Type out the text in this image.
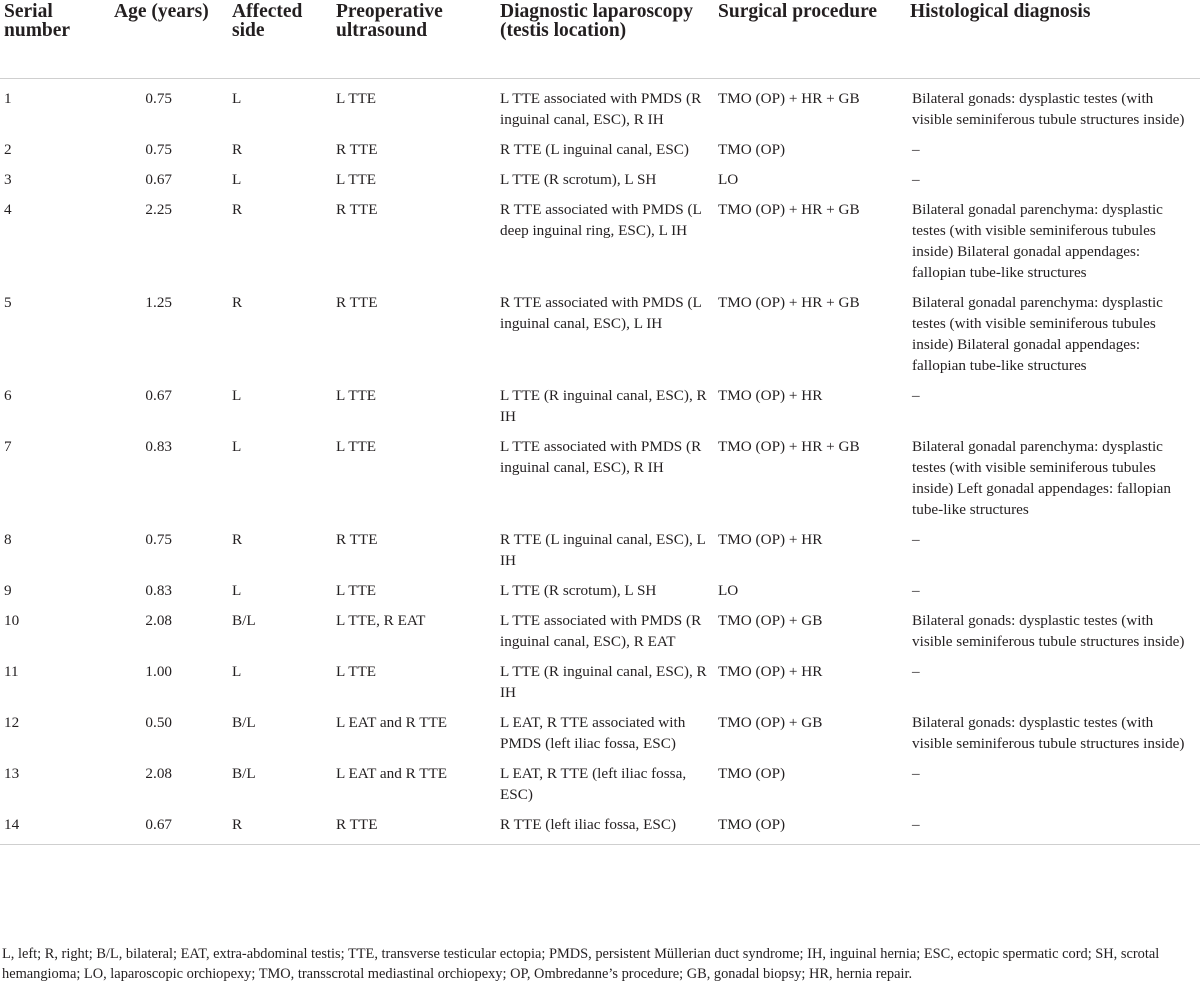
Serial number	Age (years)	Affected side	Preoperative ultrasound	Diagnostic laparoscopy (testis location)	Surgical procedure	Histological diagnosis
1	0.75	L	L TTE	L TTE associated with PMDS (R inguinal canal, ESC), R IH	TMO (OP) + HR + GB	Bilateral gonads: dysplastic testes (with visible seminiferous tubule structures inside)
2	0.75	R	R TTE	R TTE (L inguinal canal, ESC)	TMO (OP)	–
3	0.67	L	L TTE	L TTE (R scrotum), L SH	LO	–
4	2.25	R	R TTE	R TTE associated with PMDS (L deep inguinal ring, ESC), L IH	TMO (OP) + HR + GB	Bilateral gonadal parenchyma: dysplastic testes (with visible seminiferous tubules inside) Bilateral gonadal appendages: fallopian tube-like structures
5	1.25	R	R TTE	R TTE associated with PMDS (L inguinal canal, ESC), L IH	TMO (OP) + HR + GB	Bilateral gonadal parenchyma: dysplastic testes (with visible seminiferous tubules inside) Bilateral gonadal appendages: fallopian tube-like structures
6	0.67	L	L TTE	L TTE (R inguinal canal, ESC), R IH	TMO (OP) + HR	–
7	0.83	L	L TTE	L TTE associated with PMDS (R inguinal canal, ESC), R IH	TMO (OP) + HR + GB	Bilateral gonadal parenchyma: dysplastic testes (with visible seminiferous tubules inside) Left gonadal appendages: fallopian tube-like structures
8	0.75	R	R TTE	R TTE (L inguinal canal, ESC), L IH	TMO (OP) + HR	–
9	0.83	L	L TTE	L TTE (R scrotum), L SH	LO	–
10	2.08	B/L	L TTE, R EAT	L TTE associated with PMDS (R inguinal canal, ESC), R EAT	TMO (OP) + GB	Bilateral gonads: dysplastic testes (with visible seminiferous tubule structures inside)
11	1.00	L	L TTE	L TTE (R inguinal canal, ESC), R IH	TMO (OP) + HR	–
12	0.50	B/L	L EAT and R TTE	L EAT, R TTE associated with PMDS (left iliac fossa, ESC)	TMO (OP) + GB	Bilateral gonads: dysplastic testes (with visible seminiferous tubule structures inside)
13	2.08	B/L	L EAT and R TTE	L EAT, R TTE (left iliac fossa, ESC)	TMO (OP)	–
14	0.67	R	R TTE	R TTE (left iliac fossa, ESC)	TMO (OP)	–
L, left; R, right; B/L, bilateral; EAT, extra-abdominal testis; TTE, transverse testicular ectopia; PMDS, persistent Müllerian duct syndrome; IH, inguinal hernia; ESC, ectopic spermatic cord; SH, scrotal hemangioma; LO, laparoscopic orchiopexy; TMO, transscrotal mediastinal orchiopexy; OP, Ombredanne’s procedure; GB, gonadal biopsy; HR, hernia repair.
